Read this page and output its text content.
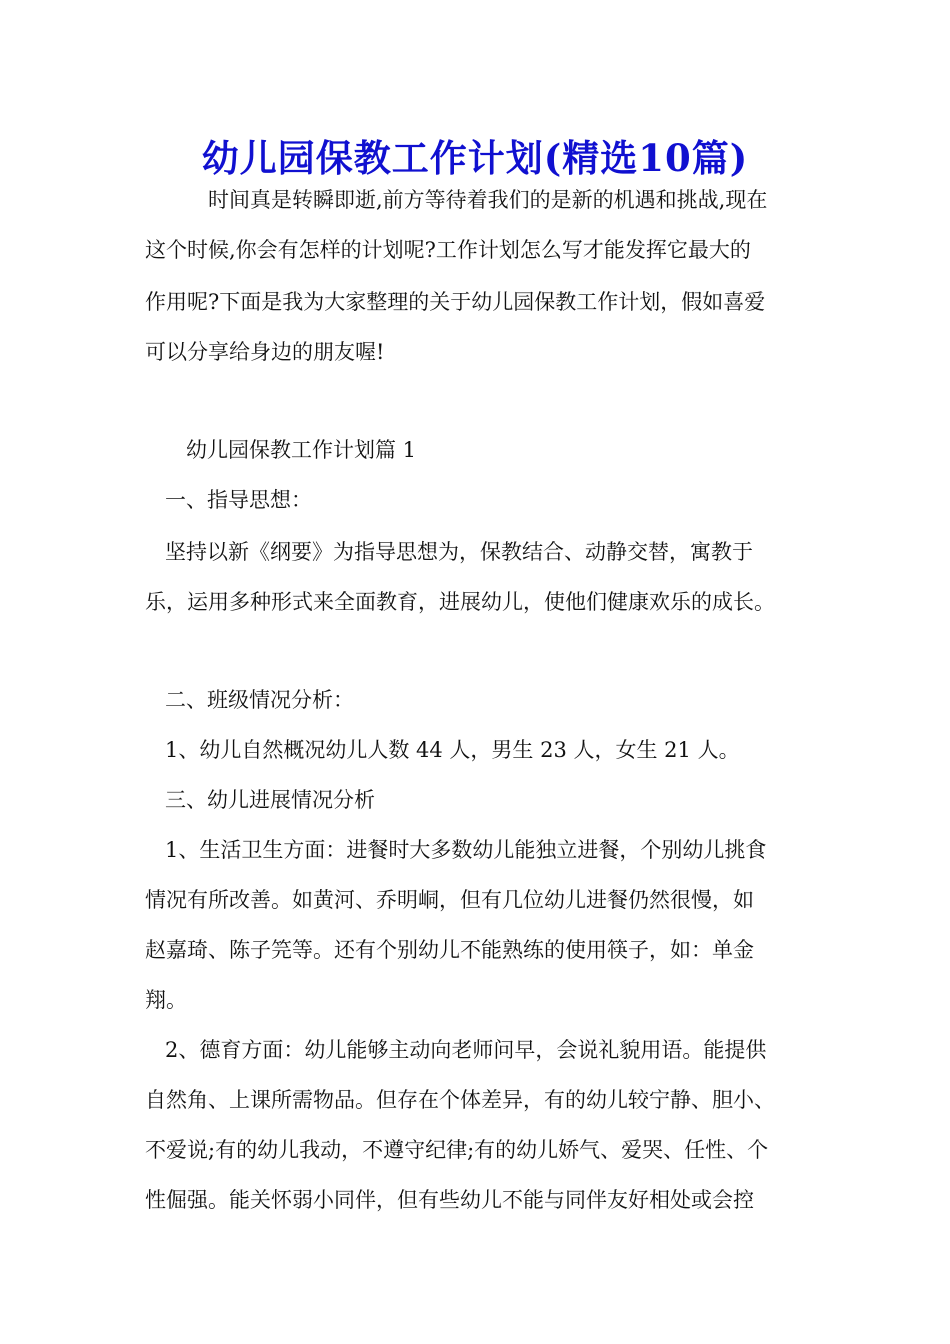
幼儿园保教工作计划(精选10篇)
时间真是转瞬即逝,前方等待着我们的是新的机遇和挑战,现在
这个时候,你会有怎样的计划呢?工作计划怎么写才能发挥它最大的
作用呢?下面是我为大家整理的关于幼儿园保教工作计划，假如喜爱
可以分享给身边的朋友喔!
幼儿园保教工作计划篇 1
一、指导思想：
坚持以新《纲要》为指导思想为，保教结合、动静交替，寓教于
乐，运用多种形式来全面教育，进展幼儿，使他们健康欢乐的成长。
二、班级情况分析：
1、幼儿自然概况幼儿人数 44 人，男生 23 人，女生 21 人。
三、幼儿进展情况分析
1、生活卫生方面：进餐时大多数幼儿能独立进餐，个别幼儿挑食
情况有所改善。如黄河、乔明峒，但有几位幼儿进餐仍然很慢，如
赵嘉琦、陈子笎等。还有个别幼儿不能熟练的使用筷子，如：单金
翔。
2、德育方面：幼儿能够主动向老师问早，会说礼貌用语。能提供
自然角、上课所需物品。但存在个体差异，有的幼儿较宁静、胆小、
不爱说;有的幼儿我动，不遵守纪律;有的幼儿娇气、爱哭、任性、个
性倔强。能关怀弱小同伴，但有些幼儿不能与同伴友好相处或会控
